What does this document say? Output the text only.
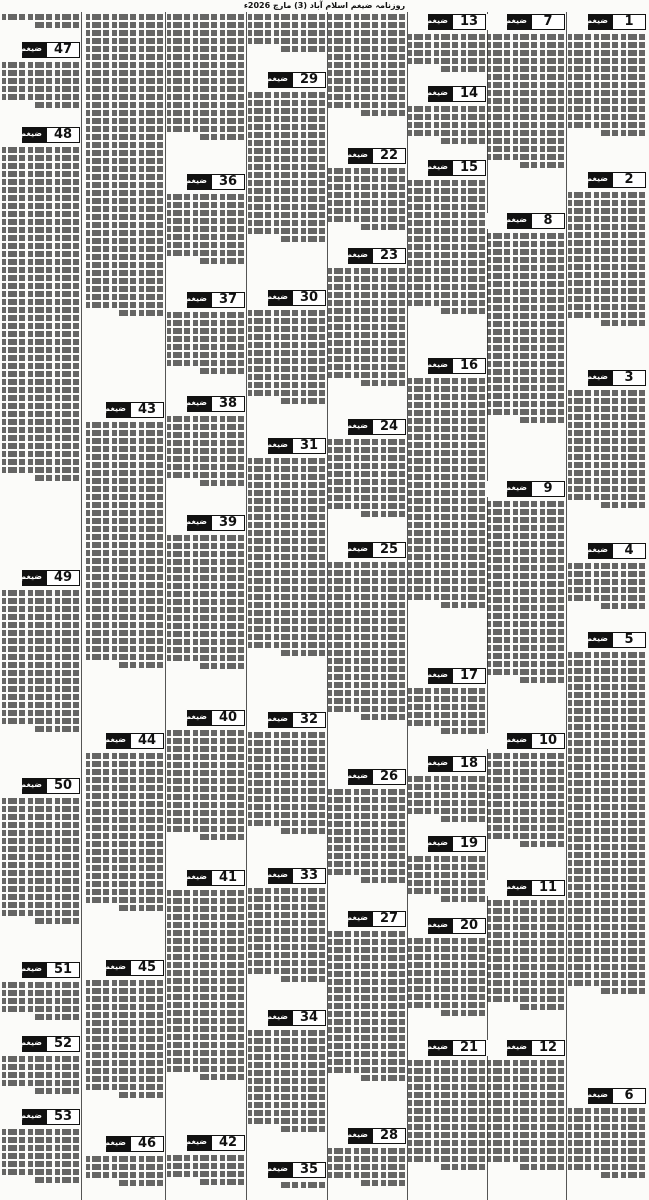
روزنامہ ضیغم اسلام آباد (3) مارچ 2026ء
ضیغم	1
ضیغم	2
ضیغم	3
ضیغم	4
ضیغم	5
ضیغم	6
ضیغم	7
ضیغم	8
ضیغم	9
ضیغم 10
ضیغم 11
ضیغم 12
ضیغم 13
ضیغم 14
ضیغم 15
ضیغم 16
ضیغم 17
ضیغم 18
ضیغم 19
ضیغم 20
ضیغم 21
ضیغم 22
ضیغم 23
ضیغم 24
ضیغم 25
ضیغم 26
ضیغم 27
ضیغم 28
ضیغم 29
ضیغم 30
ضیغم 31
ضیغم 32
ضیغم 33
ضیغم 34
ضیغم 35
ضیغم 36
ضیغم 37
ضیغم 38
ضیغم 39
ضیغم 40
ضیغم 41
ضیغم 42
ضیغم 43
ضیغم 44
ضیغم 45
ضیغم 46
ضیغم 47
ضیغم 48
ضیغم 49
ضیغم 50
ضیغم 51
ضیغم 52
ضیغم 53
